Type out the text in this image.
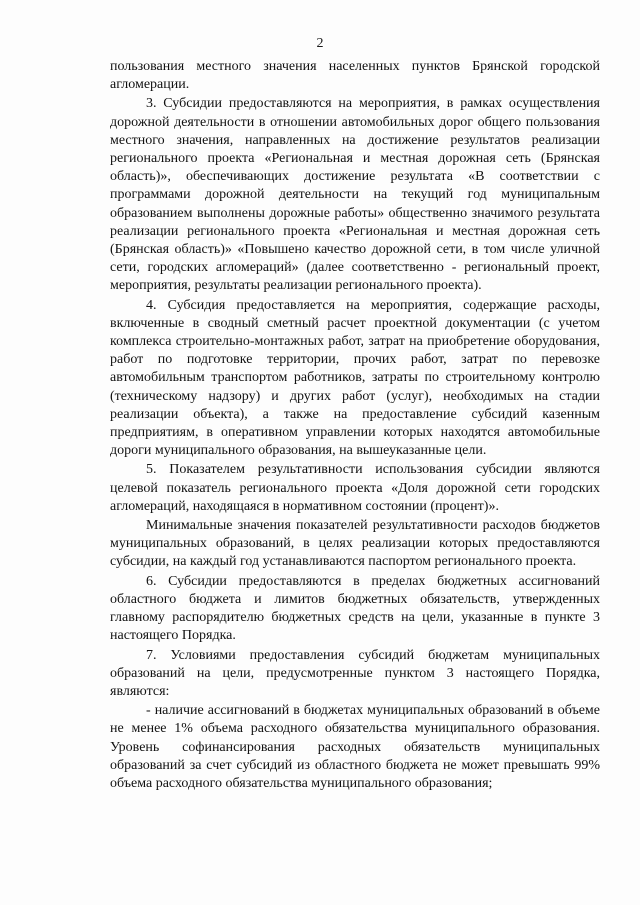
2

пользования местного значения населенных пунктов Брянской городской агломерации.

3. Субсидии предоставляются на мероприятия, в рамках осуществления дорожной деятельности в отношении автомобильных дорог общего пользования местного значения, направленных на достижение результатов реализации регионального проекта «Региональная и местная дорожная сеть (Брянская область)», обеспечивающих достижение результата «В соответствии с программами дорожной деятельности на текущий год муниципальным образованием выполнены дорожные работы» общественно значимого результата реализации регионального проекта «Региональная и местная дорожная сеть (Брянская область)» «Повышено качество дорожной сети, в том числе уличной сети, городских агломераций» (далее соответственно - региональный проект, мероприятия, результаты реализации регионального проекта).

4. Субсидия предоставляется на мероприятия, содержащие расходы, включенные в сводный сметный расчет проектной документации (с учетом комплекса строительно-монтажных работ, затрат на приобретение оборудования, работ по подготовке территории, прочих работ, затрат по перевозке автомобильным транспортом работников, затраты по строительному контролю (техническому надзору) и других работ (услуг), необходимых на стадии реализации объекта), а также на предоставление субсидий казенным предприятиям, в оперативном управлении которых находятся автомобильные дороги муниципального образования, на вышеуказанные цели.

5. Показателем результативности использования субсидии являются целевой показатель регионального проекта «Доля дорожной сети городских агломераций, находящаяся в нормативном состоянии (процент)».

Минимальные значения показателей результативности расходов бюджетов муниципальных образований, в целях реализации которых предоставляются субсидии, на каждый год устанавливаются паспортом регионального проекта.

6. Субсидии предоставляются в пределах бюджетных ассигнований областного бюджета и лимитов бюджетных обязательств, утвержденных главному распорядителю бюджетных средств на цели, указанные в пункте 3 настоящего Порядка.

7. Условиями предоставления субсидий бюджетам муниципальных образований на цели, предусмотренные пунктом 3 настоящего Порядка, являются:

- наличие ассигнований в бюджетах муниципальных образований в объеме не менее 1% объема расходного обязательства муниципального образования. Уровень софинансирования расходных обязательств муниципальных образований за счет субсидий из областного бюджета не может превышать 99% объема расходного обязательства муниципального образования;
